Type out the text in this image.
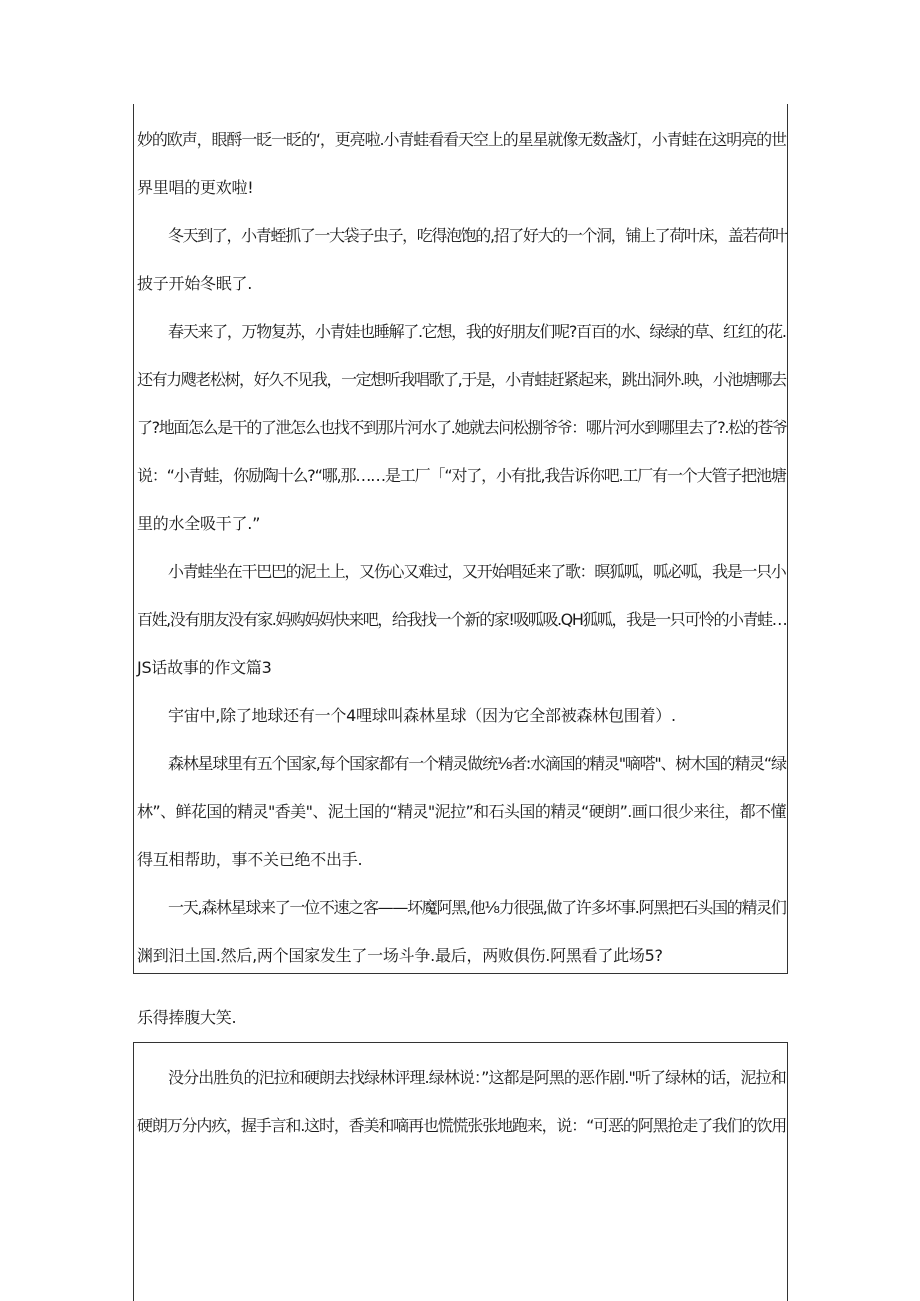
妙的欧声，眼酹一眨一眨的‘，更亮啦.小青蛙看看天空上的星星就像无数盏灯，小青蛙在这明亮的世
界里唱的更欢啦!
冬天到了，小青蛭抓了一大袋子虫子，吃得泡饱的,招了好大的一个洞，铺上了荷叶床，盖若荷叶
披子开始冬眠了.
春天来了，万物复苏，小青娃也睡解了.它想，我的好朋友们呢?百百的水、绿绿的草、红红的花.
还有力飕老松树，好久不见我，一定想听我唱歌了,于是，小青蛙赶紧起来，跳出洞外.映，小池塘哪去
了?地面怎么是干的了泄怎么也找不到那片河水了.她就去问松捌爷爷：哪片河水到哪里去了?.松的苍爷
说：“小青蛙，你励陶十么?“哪,那……是工厂「“对了，小有批,我告诉你吧.工厂有一个大管子把池塘
里的水全吸干了.”
小青蛙坐在干巴巴的泥土上，又伤心又难过，又开始唱延来了歌：暝狐呱，呱必呱，我是一只小
百姓,没有朋友没有家.妈购妈妈快来吧，给我找一个新的家!吸呱吸.QH狐呱，我是一只可怜的小青蛙…
JS话故事的作文篇3
宇宙中,除了地球还有一个4哩球叫森林星球（因为它全部被森林包围着）.
森林星球里有五个国家,每个国家都有一个精灵做统⅛者:水滴国的精灵"嘀嗒"、树木国的精灵“绿
林”、鲜花国的精灵"香美"、泥土国的“精灵"泥拉”和石头国的精灵“硬朗”.画口很少来往，都不懂
得互相帮助，事不关已绝不出手.
一天,森林星球来了一位不速之客——坏魔阿黑,他⅛力很强,做了许多坏事.阿黑把石头国的精灵们
渊到汨土国.然后,两个国家发生了一场斗争.最后，两败俱伤.阿黑看了此场5?
乐得捧腹大笑.
没分出胜负的汜拉和硬朗去找绿林评理.绿林说：”这都是阿黑的恶作剧."听了绿林的话，泥拉和
硬朗万分内疚，握手言和.这时，香美和嘀再也慌慌张张地跑来，说：“可恶的阿黑抢走了我们的饮用
